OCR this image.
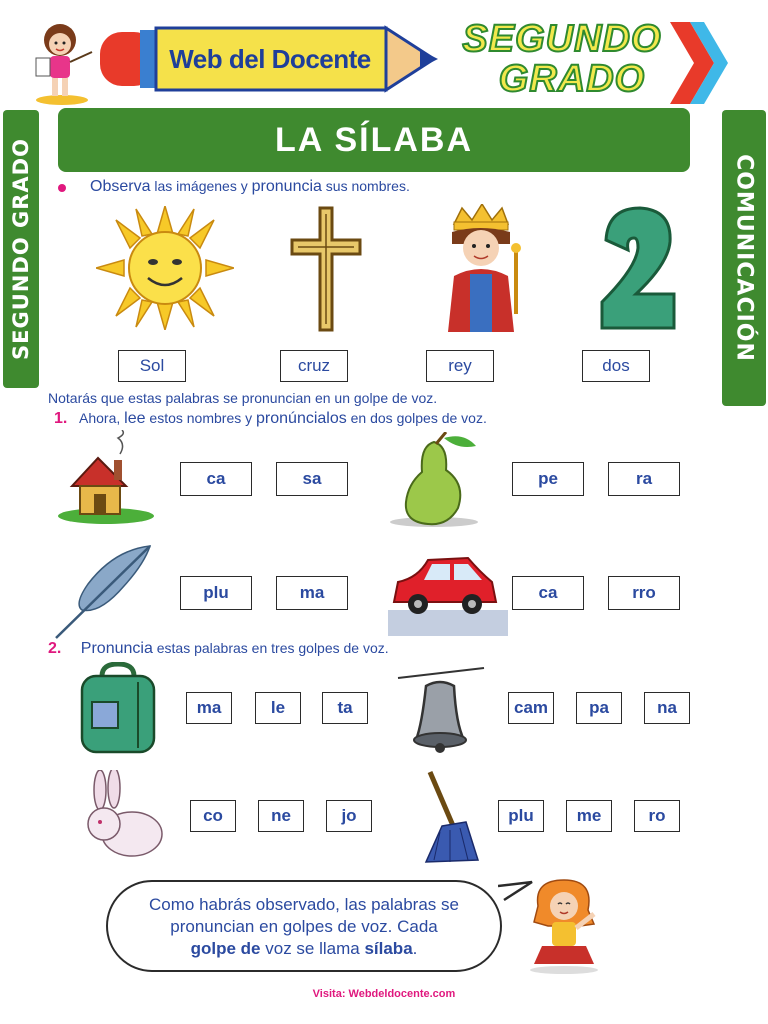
Web del Docente	SEGUNDO
GRADO
SEGUNDO GRADO	COMUNICACIÓN
LA SÍLABA
Observa las imágenes y pronuncia sus nombres.
Sol	cruz	rey	dos
Notarás que estas palabras se pronuncian en un golpe de voz.
1. Ahora, lee estos nombres y pronúncialos en dos golpes de voz.
ca	sa	pe	ra
plu	ma	ca	rro
2. Pronuncia estas palabras en tres golpes de voz.
ma	le	ta	cam	pa	na
co	ne	jo	plu	me	ro
Como habrás observado, las palabras se
pronuncian en golpes de voz. Cada
golpe de voz se llama sílaba.
Visita: Webdeldocente.com
